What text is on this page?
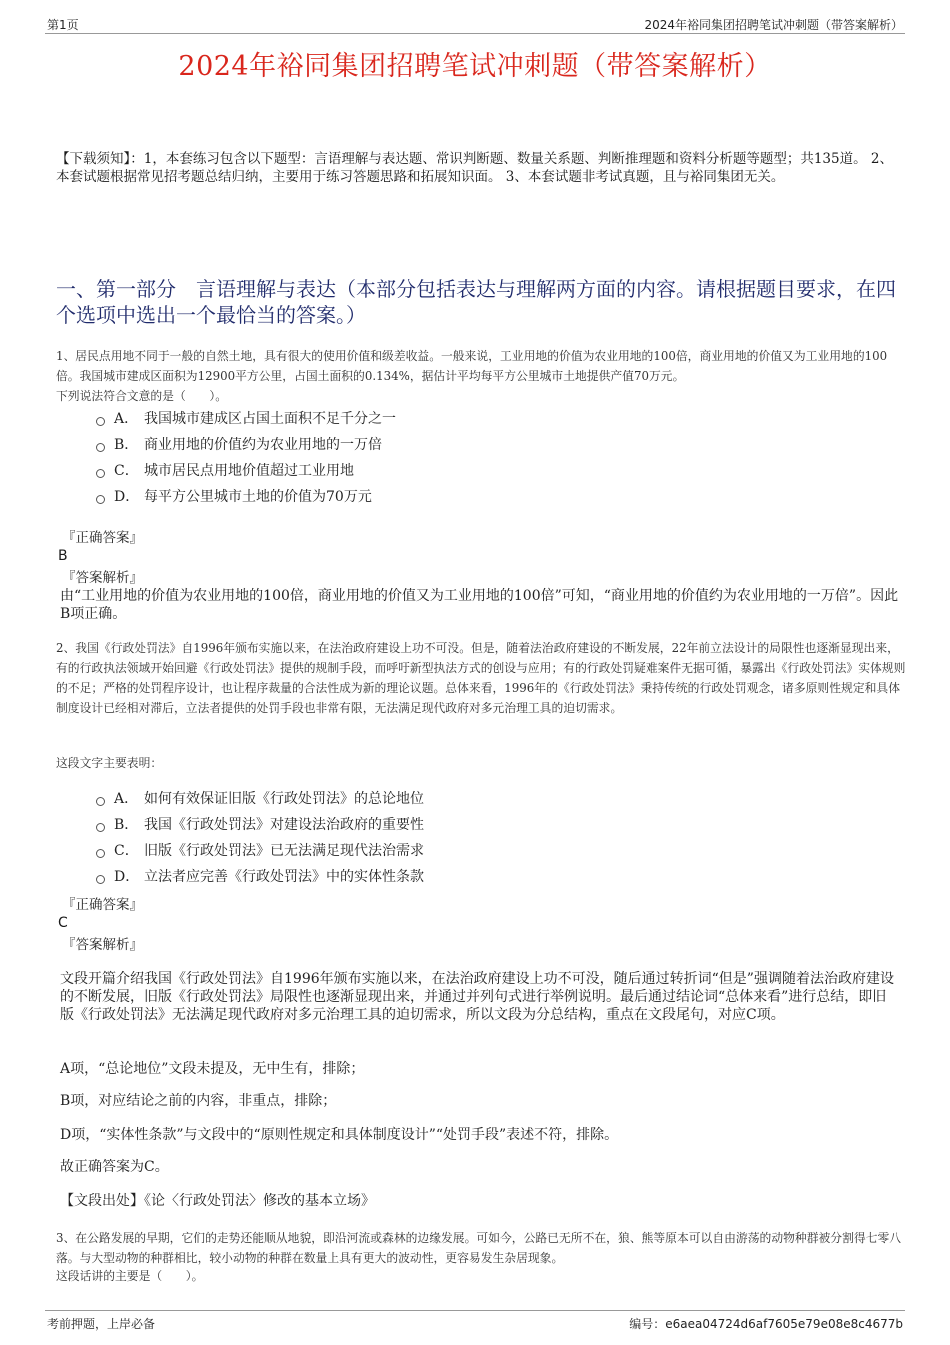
第1页	2024年裕同集团招聘笔试冲刺题（带答案解析）
2024年裕同集团招聘笔试冲刺题（带答案解析）
【下载须知】：1，本套练习包含以下题型：言语理解与表达题、常识判断题、数量关系题、判断推理题和资料分析题等题型；共135道。 2、本套试题根据常见招考题总结归纳，主要用于练习答题思路和拓展知识面。 3、本套试题非考试真题，且与裕同集团无关。
一、第一部分　言语理解与表达（本部分包括表达与理解两方面的内容。请根据题目要求，在四个选项中选出一个最恰当的答案。）
1、居民点用地不同于一般的自然土地，具有很大的使用价值和级差收益。一般来说，工业用地的价值为农业用地的100倍，商业用地的价值又为工业用地的100倍。我国城市建成区面积为12900平方公里，占国土面积的0.134%，据估计平均每平方公里城市土地提供产值70万元。
下列说法符合文意的是（　　）。
A． 我国城市建成区占国土面积不足千分之一
B． 商业用地的价值约为农业用地的一万倍
C． 城市居民点用地价值超过工业用地
D． 每平方公里城市土地的价值为70万元
『正确答案』
B
『答案解析』
由“工业用地的价值为农业用地的100倍，商业用地的价值又为工业用地的100倍”可知，“商业用地的价值约为农业用地的一万倍”。因此B项正确。
2、我国《行政处罚法》自1996年颁布实施以来，在法治政府建设上功不可没。但是，随着法治政府建设的不断发展，22年前立法设计的局限性也逐渐显现出来，有的行政执法领域开始回避《行政处罚法》提供的规制手段，而呼吁新型执法方式的创设与应用；有的行政处罚疑难案件无据可循，暴露出《行政处罚法》实体规则的不足；严格的处罚程序设计，也让程序裁量的合法性成为新的理论议题。总体来看，1996年的《行政处罚法》秉持传统的行政处罚观念，诸多原则性规定和具体制度设计已经相对滞后，立法者提供的处罚手段也非常有限，无法满足现代政府对多元治理工具的迫切需求。
这段文字主要表明：
A． 如何有效保证旧版《行政处罚法》的总论地位
B． 我国《行政处罚法》对建设法治政府的重要性
C． 旧版《行政处罚法》已无法满足现代法治需求
D． 立法者应完善《行政处罚法》中的实体性条款
『正确答案』
C
『答案解析』
文段开篇介绍我国《行政处罚法》自1996年颁布实施以来，在法治政府建设上功不可没，随后通过转折词“但是”强调随着法治政府建设的不断发展，旧版《行政处罚法》局限性也逐渐显现出来，并通过并列句式进行举例说明。最后通过结论词“总体来看”进行总结，即旧版《行政处罚法》无法满足现代政府对多元治理工具的迫切需求，所以文段为分总结构，重点在文段尾句，对应C项。
A项，“总论地位”文段未提及，无中生有，排除；
B项，对应结论之前的内容，非重点，排除；
D项，“实体性条款”与文段中的“原则性规定和具体制度设计”“处罚手段”表述不符，排除。
故正确答案为C。
【文段出处】《论〈行政处罚法〉修改的基本立场》
3、在公路发展的早期，它们的走势还能顺从地貌，即沿河流或森林的边缘发展。可如今，公路已无所不在，狼、熊等原本可以自由游荡的动物种群被分割得七零八落。与大型动物的种群相比，较小动物的种群在数量上具有更大的波动性，更容易发生杂居现象。
这段话讲的主要是（　　）。
考前押题，上岸必备	编号：e6aea04724d6af7605e79e08e8c4677b
